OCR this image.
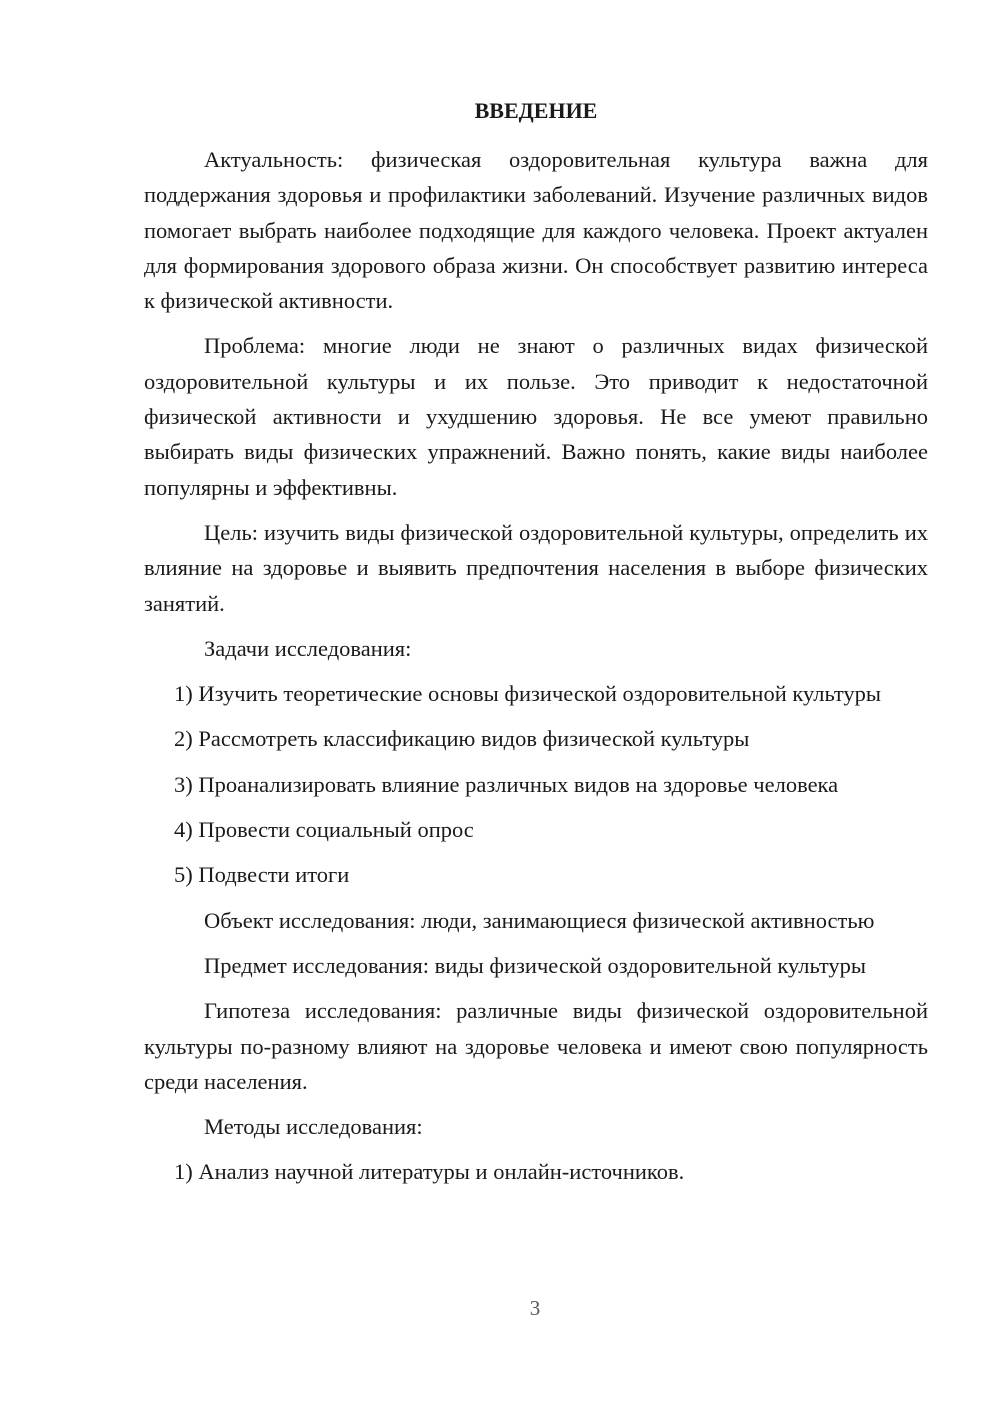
ВВЕДЕНИЕ
Актуальность: физическая оздоровительная культура важна для поддержания здоровья и профилактики заболеваний. Изучение различных видов помогает выбрать наиболее подходящие для каждого человека. Проект актуален для формирования здорового образа жизни. Он способствует развитию интереса к физической активности.
Проблема: многие люди не знают о различных видах физической оздоровительной культуры и их пользе. Это приводит к недостаточной физической активности и ухудшению здоровья. Не все умеют правильно выбирать виды физических упражнений. Важно понять, какие виды наиболее популярны и эффективны.
Цель: изучить виды физической оздоровительной культуры, определить их влияние на здоровье и выявить предпочтения населения в выборе физических занятий.
Задачи исследования:
1) Изучить теоретические основы физической оздоровительной культуры
2) Рассмотреть классификацию видов физической культуры
3) Проанализировать влияние различных видов на здоровье человека
4) Провести социальный опрос
5) Подвести итоги
Объект исследования: люди, занимающиеся физической активностью
Предмет исследования: виды физической оздоровительной культуры
Гипотеза исследования: различные виды физической оздоровительной культуры по-разному влияют на здоровье человека и имеют свою популярность среди населения.
Методы исследования:
1) Анализ научной литературы и онлайн-источников.
3
